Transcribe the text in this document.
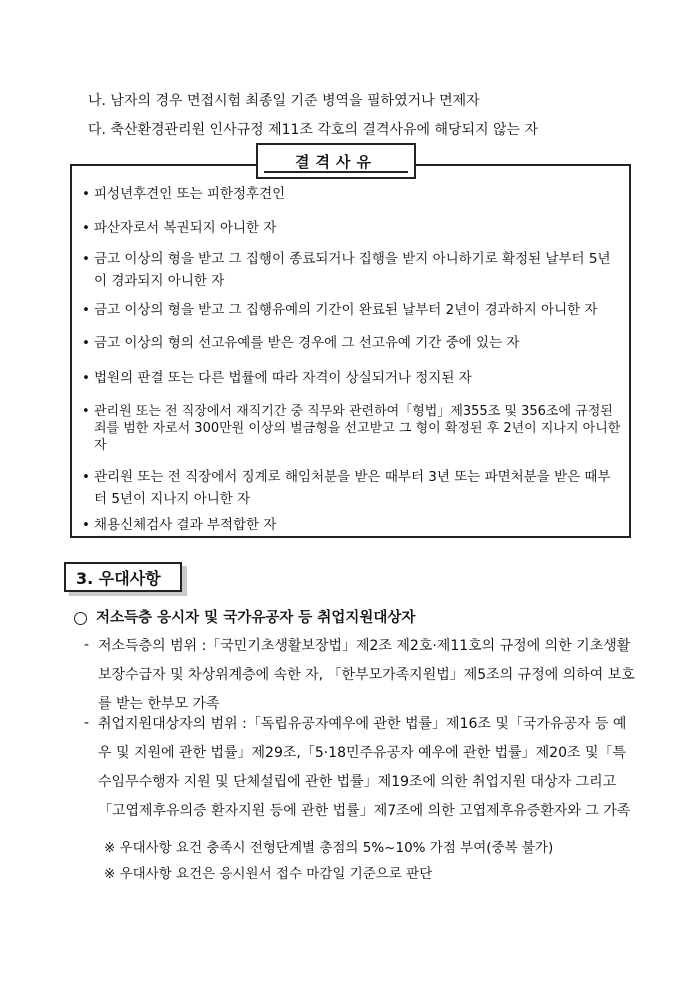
나. 남자의 경우 면접시험 최종일 기준 병역을 필하였거나 면제자
다. 축산환경관리원 인사규정 제11조 각호의 결격사유에 해당되지 않는 자
• 피성년후견인 또는 피한정후견인
• 파산자로서 복권되지 아니한 자
• 금고 이상의 형을 받고 그 집행이 종료되거나 집행을 받지 아니하기로 확정된 날부터 5년이 경과되지 아니한 자
• 금고 이상의 형을 받고 그 집행유예의 기간이 완료된 날부터 2년이 경과하지 아니한 자
• 금고 이상의 형의 선고유예를 받은 경우에 그 선고유예 기간 중에 있는 자
• 법원의 판결 또는 다른 법률에 따라 자격이 상실되거나 정지된 자
• 관리원 또는 전 직장에서 재직기간 중 직무와 관련하여「형법」제355조 및 356조에 규정된 죄를 범한 자로서 300만원 이상의 벌금형을 선고받고 그 형이 확정된 후 2년이 지나지 아니한 자
• 관리원 또는 전 직장에서 징계로 해임처분을 받은 때부터 3년 또는 파면처분을 받은 때부터 5년이 지나지 아니한 자
• 채용신체검사 결과 부적합한 자
결격사유
3. 우대사항
저소득층 응시자 및 국가유공자 등 취업지원대상자
- 저소득층의 범위 :「국민기초생활보장법」제2조 제2호·제11호의 규정에 의한 기초생활보장수급자 및 차상위계층에 속한 자, 「한부모가족지원법」제5조의 규정에 의하여 보호를 받는 한부모 가족
- 취업지원대상자의 범위 :「독립유공자예우에 관한 법률」제16조 및「국가유공자 등 예우 및 지원에 관한 법률」제29조,「5·18민주유공자 예우에 관한 법률」제20조 및「특수임무수행자 지원 및 단체설립에 관한 법률」제19조에 의한 취업지원 대상자 그리고 「고엽제후유의증 환자지원 등에 관한 법률」제7조에 의한 고엽제후유증환자와 그 가족
※ 우대사항 요건 충족시 전형단계별 총점의 5%~10% 가점 부여(중복 불가)
※ 우대사항 요건은 응시원서 접수 마감일 기준으로 판단
